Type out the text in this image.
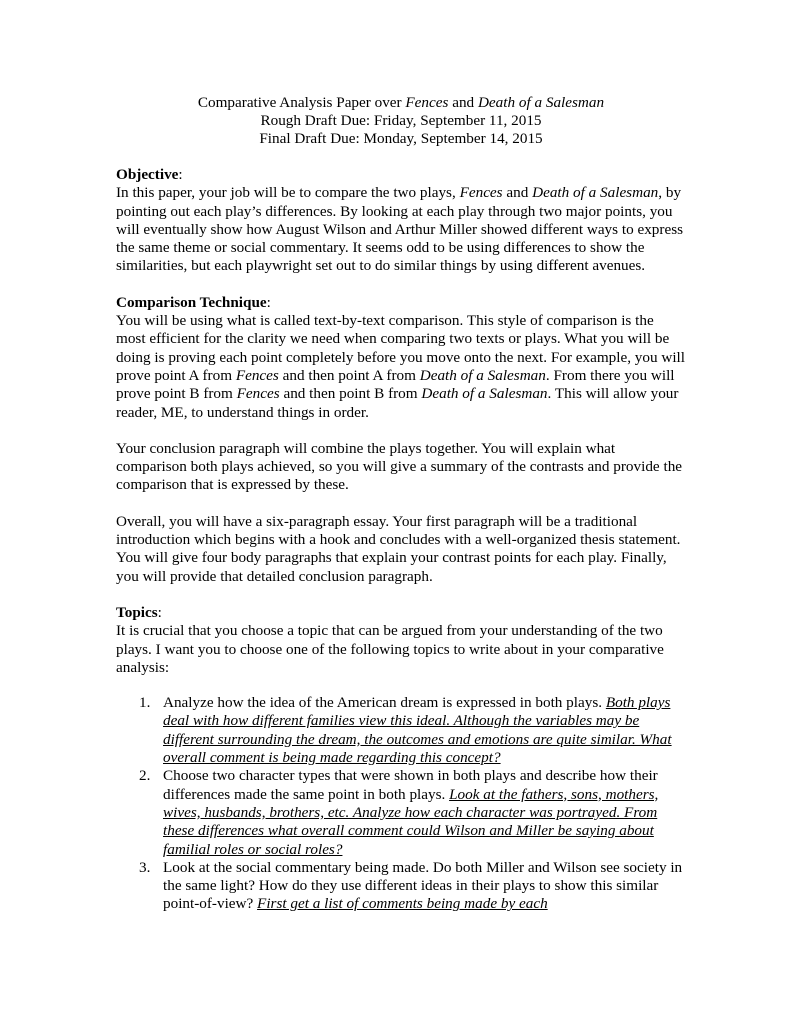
Comparative Analysis Paper over Fences and Death of a Salesman
Rough Draft Due: Friday, September 11, 2015
Final Draft Due: Monday, September 14, 2015
Objective:

In this paper, your job will be to compare the two plays, Fences and Death of a Salesman, by pointing out each play’s differences. By looking at each play through two major points, you will eventually show how August Wilson and Arthur Miller showed different ways to express the same theme or social commentary. It seems odd to be using differences to show the similarities, but each playwright set out to do similar things by using different avenues.

Comparison Technique:

You will be using what is called text-by-text comparison. This style of comparison is the most efficient for the clarity we need when comparing two texts or plays. What you will be doing is proving each point completely before you move onto the next. For example, you will prove point A from Fences and then point A from Death of a Salesman. From there you will prove point B from Fences and then point B from Death of a Salesman. This will allow your reader, ME, to understand things in order.

Your conclusion paragraph will combine the plays together. You will explain what comparison both plays achieved, so you will give a summary of the contrasts and provide the comparison that is expressed by these.

Overall, you will have a six-paragraph essay. Your first paragraph will be a traditional introduction which begins with a hook and concludes with a well-organized thesis statement. You will give four body paragraphs that explain your contrast points for each play. Finally, you will provide that detailed conclusion paragraph.

Topics:

It is crucial that you choose a topic that can be argued from your understanding of the two plays. I want you to choose one of the following topics to write about in your comparative analysis:

1. Analyze how the idea of the American dream is expressed in both plays. Both plays deal with how different families view this ideal. Although the variables may be different surrounding the dream, the outcomes and emotions are quite similar. What overall comment is being made regarding this concept?
2. Choose two character types that were shown in both plays and describe how their differences made the same point in both plays. Look at the fathers, sons, mothers, wives, husbands, brothers, etc. Analyze how each character was portrayed. From these differences what overall comment could Wilson and Miller be saying about familial roles or social roles?
3. Look at the social commentary being made. Do both Miller and Wilson see society in the same light? How do they use different ideas in their plays to show this similar point-of-view? First get a list of comments being made by each
